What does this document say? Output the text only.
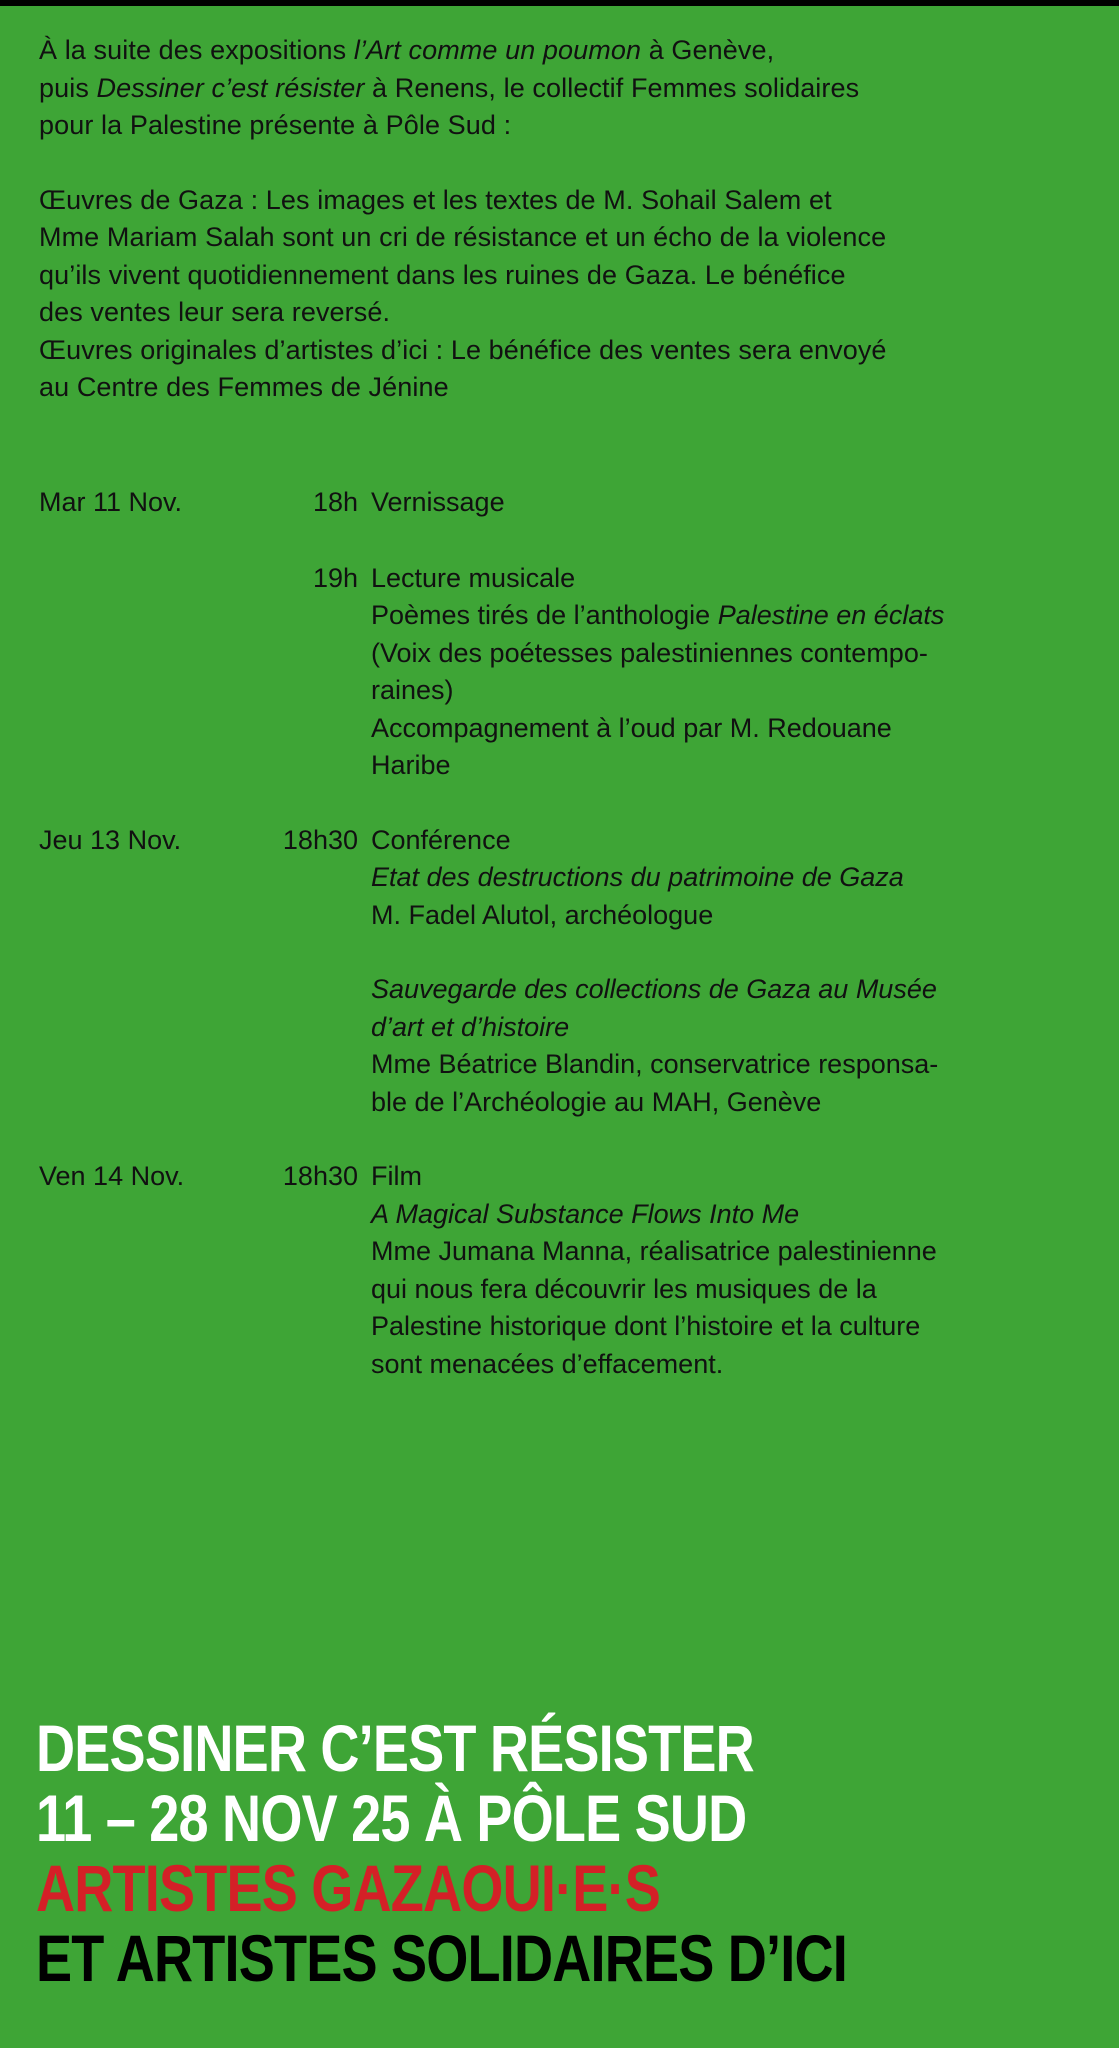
À la suite des expositions l’Art comme un poumon à Genève,

puis Dessiner c’est résister à Renens, le collectif Femmes solidaires

pour la Palestine présente à Pôle Sud :

Œuvres de Gaza : Les images et les textes de M. Sohail Salem et

Mme Mariam Salah sont un cri de résistance et un écho de la violence

qu’ils vivent quotidiennement dans les ruines de Gaza. Le bénéfice

des ventes leur sera reversé.

Œuvres originales d’artistes d’ici : Le bénéfice des ventes sera envoyé

au Centre des Femmes de Jénine

Mar 11 Nov.	18h Vernissage
19h Lecture musicale
Poèmes tirés de l’anthologie Palestine en éclats
(Voix des poétesses palestiniennes contempo-
raines)
Accompagnement à l’oud par M. Redouane
Haribe
Jeu 13 Nov.	18h30 Conférence
Etat des destructions du patrimoine de Gaza
M. Fadel Alutol, archéologue
Sauvegarde des collections de Gaza au Musée
d’art et d’histoire
Mme Béatrice Blandin, conservatrice responsa-
ble de l’Archéologie au MAH, Genève
Ven 14 Nov.	18h30 Film
A Magical Substance Flows Into Me
Mme Jumana Manna, réalisatrice palestinienne
qui nous fera découvrir les musiques de la
Palestine historique dont l’histoire et la culture
sont menacées d’effacement.
DESSINER C’EST RÉSISTER
11 – 28 NOV 25 À PÔLE SUD
ARTISTES GAZAOUI·E·S
ET ARTISTES SOLIDAIRES D’ICI
